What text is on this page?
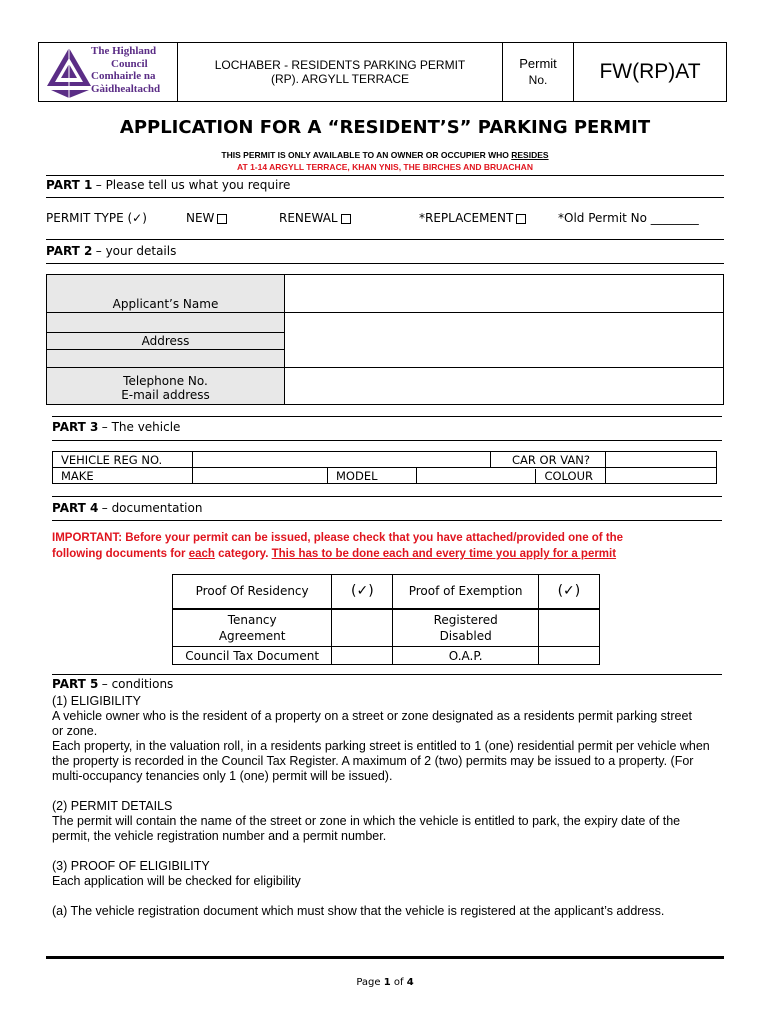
The Highland
Council
Comhairle na
Gàidhealtachd
LOCHABER - RESIDENTS PARKING PERMIT
(RP). ARGYLL TERRACE
Permit
No. FW(RP)AT
APPLICATION FOR A “RESIDENT’S” PARKING PERMIT
THIS PERMIT IS ONLY AVAILABLE TO AN OWNER OR OCCUPIER WHO RESIDES
AT 1-14 ARGYLL TERRACE, KHAN YNIS, THE BIRCHES AND BRUACHAN
PART 1 – Please tell us what you require
PERMIT TYPE (✓)	NEW	RENEWAL	*REPLACEMENT	*Old Permit No ________
PART 2 – your details
Applicant’s Name	

Address	

Telephone No.	
E-mail address	
PART 3 – The vehicle
VEHICLE REG NO.				CAR OR VAN?	
MAKE		MODEL	COLOUR		
PART 4 – documentation
IMPORTANT: Before your permit can be issued, please check that you have attached/provided one of the
following documents for each category. This has to be done each and every time you apply for a permit
Proof Of Residency	(✓)	Proof of Exemption	(✓)
Tenancy Agreement		Registered Disabled	
Council Tax Document		O.A.P.	
PART 5 – conditions
(1) ELIGIBILITY
A vehicle owner who is the resident of a property on a street or zone designated as a residents permit parking street or zone.
Each property, in the valuation roll, in a residents parking street is entitled to 1 (one) residential permit per vehicle when the property is recorded in the Council Tax Register. A maximum of 2 (two) permits may be issued to a property. (For multi-occupancy tenancies only 1 (one) permit will be issued).
(2) PERMIT DETAILS
The permit will contain the name of the street or zone in which the vehicle is entitled to park, the expiry date of the permit, the vehicle registration number and a permit number.
(3) PROOF OF ELIGIBILITY
Each application will be checked for eligibility
(a) The vehicle registration document which must show that the vehicle is registered at the applicant’s address.
Page 1 of 4
